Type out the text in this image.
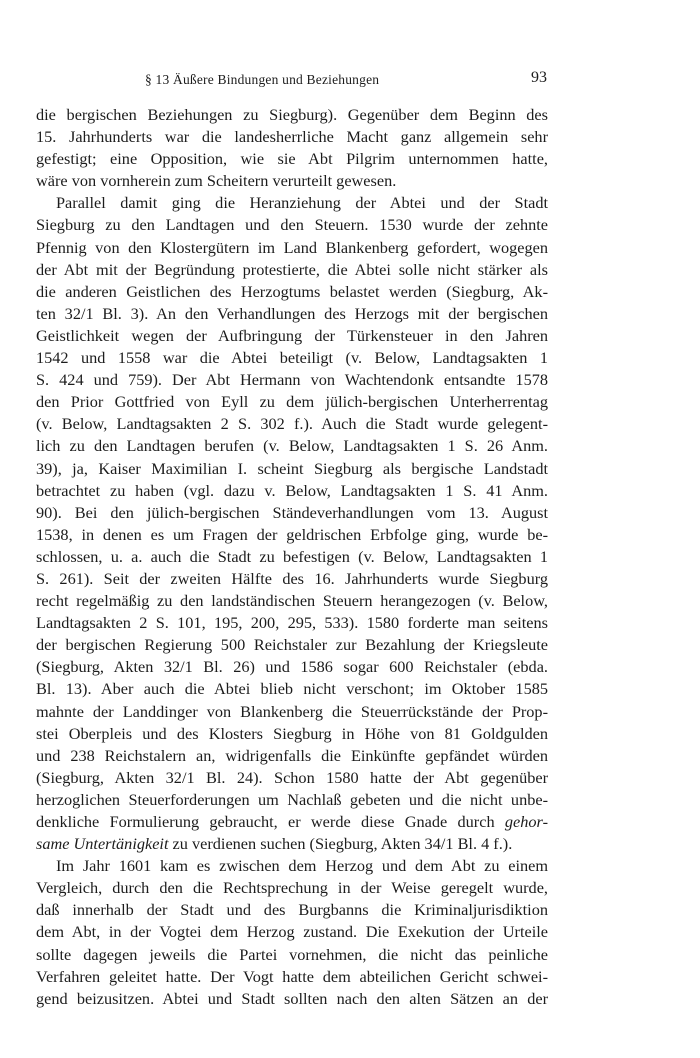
§ 13 Äußere Bindungen und Beziehungen	93
die bergischen Beziehungen zu Siegburg). Gegenüber dem Beginn des
15. Jahrhunderts war die landesherrliche Macht ganz allgemein sehr
gefestigt; eine Opposition, wie sie Abt Pilgrim unternommen hatte,
wäre von vornherein zum Scheitern verurteilt gewesen.
Parallel damit ging die Heranziehung der Abtei und der Stadt
Siegburg zu den Landtagen und den Steuern. 1530 wurde der zehnte
Pfennig von den Klostergütern im Land Blankenberg gefordert, wogegen
der Abt mit der Begründung protestierte, die Abtei solle nicht stärker als
die anderen Geistlichen des Herzogtums belastet werden (Siegburg, Ak-
ten 32/1 Bl. 3). An den Verhandlungen des Herzogs mit der bergischen
Geistlichkeit wegen der Aufbringung der Türkensteuer in den Jahren
1542 und 1558 war die Abtei beteiligt (v. Below, Landtagsakten 1
S. 424 und 759). Der Abt Hermann von Wachtendonk entsandte 1578
den Prior Gottfried von Eyll zu dem jülich-bergischen Unterherrentag
(v. Below, Landtagsakten 2 S. 302 f.). Auch die Stadt wurde gelegent-
lich zu den Landtagen berufen (v. Below, Landtagsakten 1 S. 26 Anm.
39), ja, Kaiser Maximilian I. scheint Siegburg als bergische Landstadt
betrachtet zu haben (vgl. dazu v. Below, Landtagsakten 1 S. 41 Anm.
90). Bei den jülich-bergischen Ständeverhandlungen vom 13. August
1538, in denen es um Fragen der geldrischen Erbfolge ging, wurde be-
schlossen, u. a. auch die Stadt zu befestigen (v. Below, Landtagsakten 1
S. 261). Seit der zweiten Hälfte des 16. Jahrhunderts wurde Siegburg
recht regelmäßig zu den landständischen Steuern herangezogen (v. Below,
Landtagsakten 2 S. 101, 195, 200, 295, 533). 1580 forderte man seitens
der bergischen Regierung 500 Reichstaler zur Bezahlung der Kriegsleute
(Siegburg, Akten 32/1 Bl. 26) und 1586 sogar 600 Reichstaler (ebda.
Bl. 13). Aber auch die Abtei blieb nicht verschont; im Oktober 1585
mahnte der Landdinger von Blankenberg die Steuerrückstände der Prop-
stei Oberpleis und des Klosters Siegburg in Höhe von 81 Goldgulden
und 238 Reichstalern an, widrigenfalls die Einkünfte gepfändet würden
(Siegburg, Akten 32/1 Bl. 24). Schon 1580 hatte der Abt gegenüber
herzoglichen Steuerforderungen um Nachlaß gebeten und die nicht unbe-
denkliche Formulierung gebraucht, er werde diese Gnade durch gehor-
same Untertänigkeit zu verdienen suchen (Siegburg, Akten 34/1 Bl. 4 f.).
Im Jahr 1601 kam es zwischen dem Herzog und dem Abt zu einem
Vergleich, durch den die Rechtsprechung in der Weise geregelt wurde,
daß innerhalb der Stadt und des Burgbanns die Kriminaljurisdiktion
dem Abt, in der Vogtei dem Herzog zustand. Die Exekution der Urteile
sollte dagegen jeweils die Partei vornehmen, die nicht das peinliche
Verfahren geleitet hatte. Der Vogt hatte dem abteilichen Gericht schwei-
gend beizusitzen. Abtei und Stadt sollten nach den alten Sätzen an der
